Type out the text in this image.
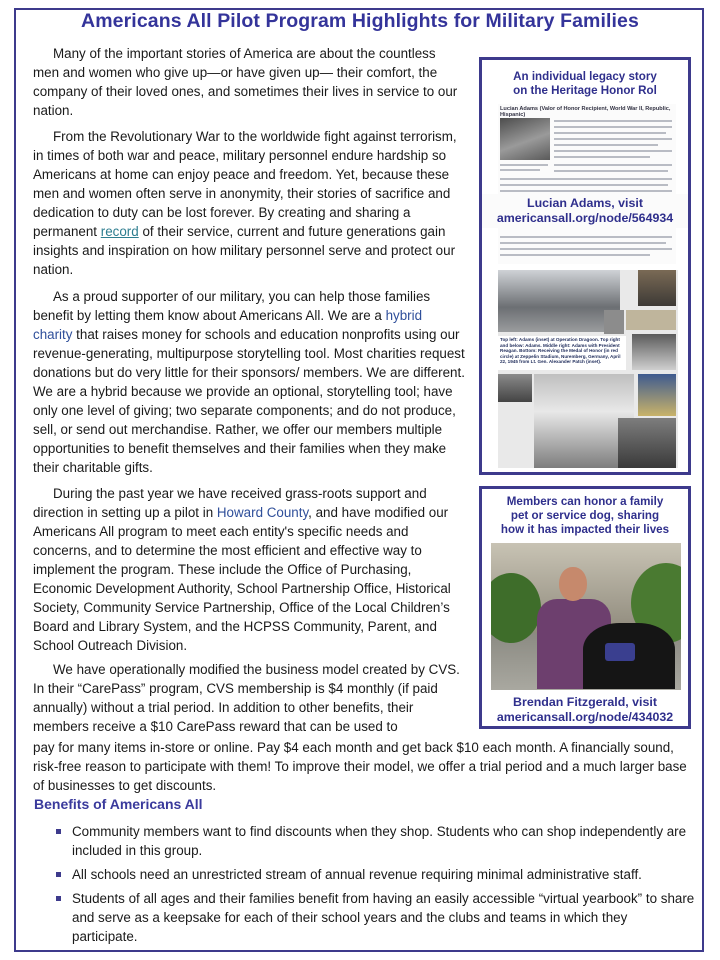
Americans All Pilot Program Highlights for Military Families

Many of the important stories of America are about the countless men and women who give up—or have given up— their comfort, the company of their loved ones, and sometimes their lives in service to our nation.

From the Revolutionary War to the worldwide fight against terrorism, in times of both war and peace, military personnel endure hardship so Americans at home can enjoy peace and freedom. Yet, because these men and women often serve in anonymity, their stories of sacrifice and dedication to duty can be lost forever. By creating and sharing a permanent record of their service, current and future generations gain insights and inspiration on how military personnel serve and protect our nation.

As a proud supporter of our military, you can help those families benefit by letting them know about Americans All. We are a hybrid charity that raises money for schools and education nonprofits using our revenue-generating, multipurpose storytelling tool. Most charities request donations but do very little for their sponsors/ members. We are different. We are a hybrid because we provide an optional, storytelling tool; have only one level of giving; two separate components; and do not produce, sell, or send out merchandise. Rather, we offer our members multiple opportunities to benefit themselves and their families when they make their charitable gifts.

During the past year we have received grass-roots support and direction in setting up a pilot in Howard County, and have modified our Americans All program to meet each entity's specific needs and concerns, and to determine the most efficient and effective way to implement the program. These include the Office of Purchasing, Economic Development Authority, School Partnership Office, Historical Society, Community Service Partnership, Office of the Local Children’s Board and Library System, and the HCPSS Community, Parent, and School Outreach Division.

We have operationally modified the business model created by CVS. In their “CarePass” program, CVS membership is $4 monthly (if paid annually) without a trial period. In addition to other benefits, their members receive a $10 CarePass reward that can be used to

pay for many items in-store or online. Pay $4 each month and get back $10 each month. A financially sound, risk-free reason to participate with them! To improve their model, we offer a trial period and a much larger base of businesses to get discounts.

Benefits of Americans All
Community members want to find discounts when they shop. Students who can shop independently are included in this group.
All schools need an unrestricted stream of annual revenue requiring minimal administrative staff.
Students of all ages and their families benefit from having an easily accessible “virtual yearbook” to share and serve as a keepsake for each of their school years and the clubs and teams in which they participate.
An individual legacy story
on the Heritage Honor Rol
Lucian Adams (Valor of Honor Recipient, World War II, Republic, Hispanic)
Lucian Adams, visit
americansall.org/node/564934
Top left: Adams (inset) at Operation Dragoon. Top right and below: Adams. Middle right: Adams with President Reagan. Bottom: Receiving the Medal of Honor (in red circle) at Zeppelin Stadium, Nuremberg, Germany, April 22, 1945 from Lt. Gen. Alexander Patch (inset).
Members can honor a family
pet or service dog, sharing
how it has impacted their lives
Brendan Fitzgerald, visit
americansall.org/node/434032
